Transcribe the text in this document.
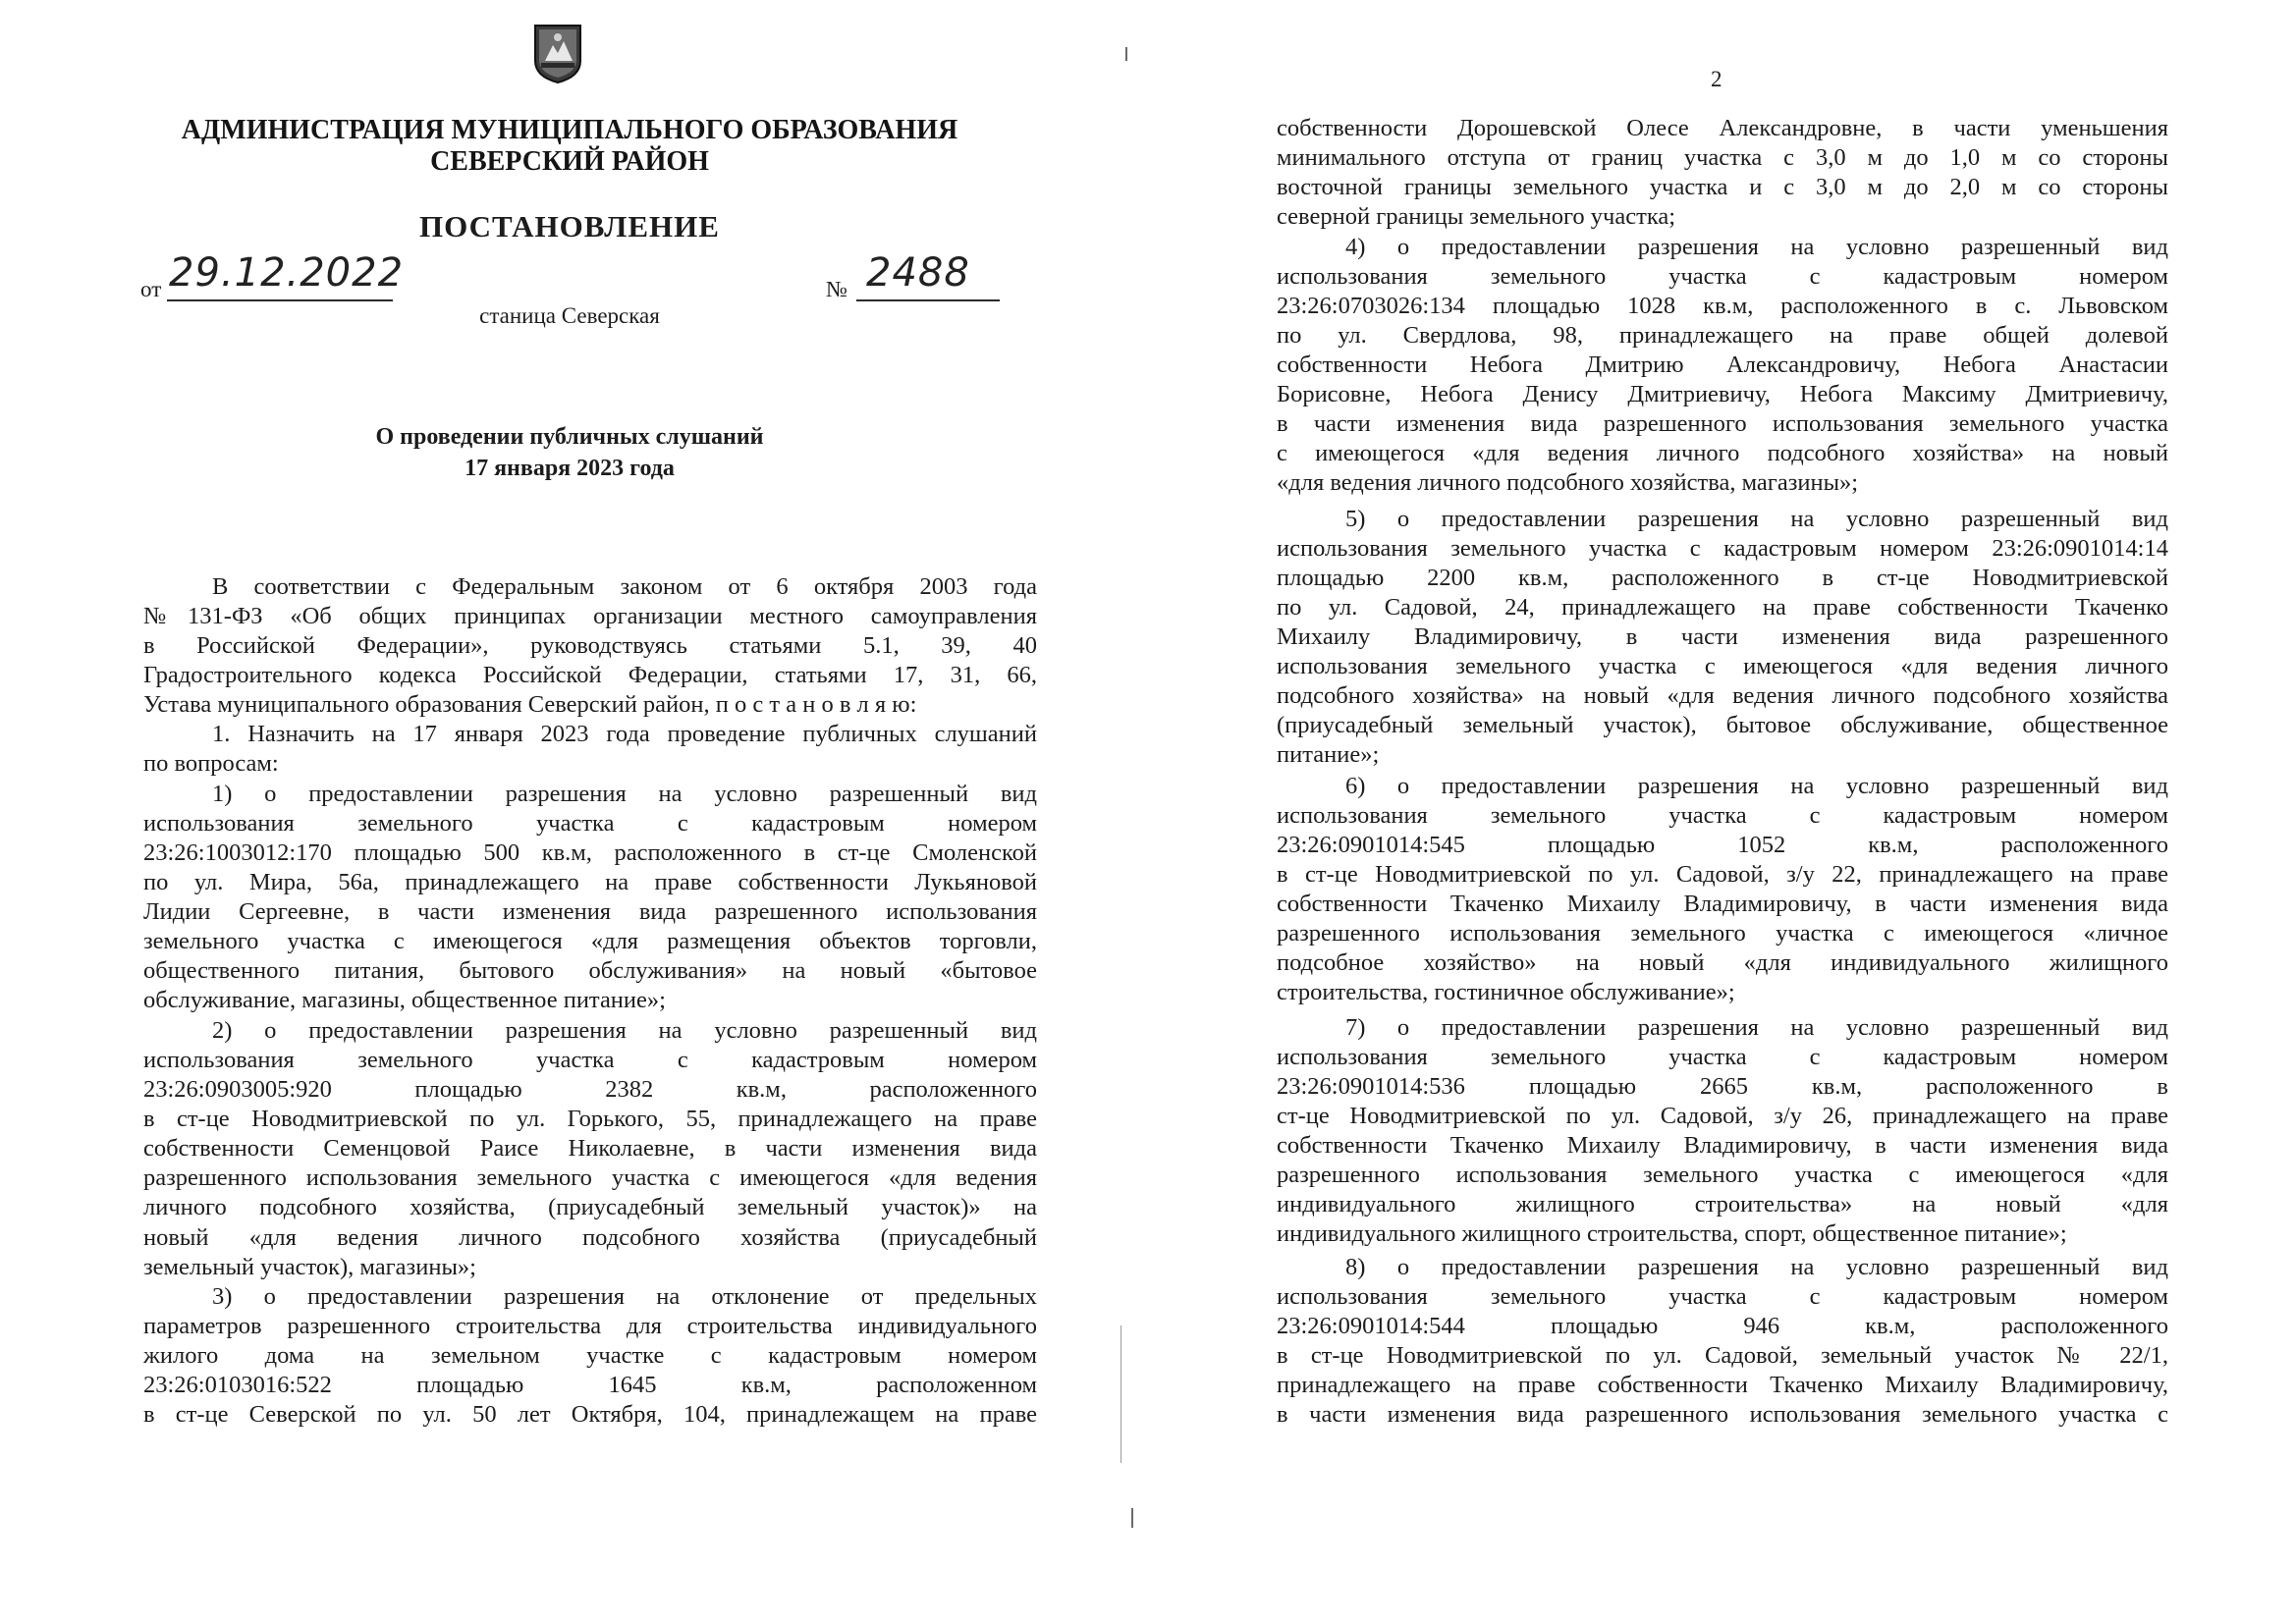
АДМИНИСТРАЦИЯ МУНИЦИПАЛЬНОГО ОБРАЗОВАНИЯ
СЕВЕРСКИЙ РАЙОН
ПОСТАНОВЛЕНИЕ
от 29.12.2022	№ 2488
станица Северская
О проведении публичных слушаний
17 января 2023 года
В соответствии с Федеральным законом от 6 октября 2003 года
№131-ФЗ «Об общих принципах организации местного самоуправления
в Российской Федерации», руководствуясь статьями 5.1, 39, 40
Градостроительного кодекса Российской Федерации, статьями 17, 31, 66,
Устава муниципального образования Северский район, п о с т а н о в л я ю:
1. Назначить на 17 января 2023 года проведение публичных слушаний
по вопросам:
1) о предоставлении разрешения на условно разрешенный вид
использования земельного участка с кадастровым номером
23:26:1003012:170 площадью 500 кв.м, расположенного в ст-це Смоленской
по ул. Мира, 56а, принадлежащего на праве собственности Лукьяновой
Лидии Сергеевне, в части изменения вида разрешенного использования
земельного участка с имеющегося «для размещения объектов торговли,
общественного питания, бытового обслуживания» на новый «бытовое
обслуживание, магазины, общественное питание»;
2) о предоставлении разрешения на условно разрешенный вид
использования земельного участка с кадастровым номером
23:26:0903005:920 площадью 2382 кв.м, расположенного
в ст-це Новодмитриевской по ул. Горького, 55, принадлежащего на праве
собственности Семенцовой Раисе Николаевне, в части изменения вида
разрешенного использования земельного участка с имеющегося «для ведения
личного подсобного хозяйства, (приусадебный земельный участок)» на
новый «для ведения личного подсобного хозяйства (приусадебный
земельный участок), магазины»;
3) о предоставлении разрешения на отклонение от предельных
параметров разрешенного строительства для строительства индивидуального
жилого дома на земельном участке с кадастровым номером
23:26:0103016:522 площадью 1645 кв.м, расположенном
в ст-це Северской по ул. 50 лет Октября, 104, принадлежащем на праве
2
собственности Дорошевской Олесе Александровне, в части уменьшения
минимального отступа от границ участка с 3,0 м до 1,0 м со стороны
восточной границы земельного участка и с 3,0 м до 2,0 м со стороны
северной границы земельного участка;
4) о предоставлении разрешения на условно разрешенный вид
использования земельного участка с кадастровым номером
23:26:0703026:134 площадью 1028 кв.м, расположенного в с. Львовском
по ул. Свердлова, 98, принадлежащего на праве общей долевой
собственности Небога Дмитрию Александровичу, Небога Анастасии
Борисовне, Небога Денису Дмитриевичу, Небога Максиму Дмитриевичу,
в части изменения вида разрешенного использования земельного участка
с имеющегося «для ведения личного подсобного хозяйства» на новый
«для ведения личного подсобного хозяйства, магазины»;
5) о предоставлении разрешения на условно разрешенный вид
использования земельного участка с кадастровым номером 23:26:0901014:14
площадью 2200 кв.м, расположенного в ст-це Новодмитриевской
по ул. Садовой, 24, принадлежащего на праве собственности Ткаченко
Михаилу Владимировичу, в части изменения вида разрешенного
использования земельного участка с имеющегося «для ведения личного
подсобного хозяйства» на новый «для ведения личного подсобного хозяйства
(приусадебный земельный участок), бытовое обслуживание, общественное
питание»;
6) о предоставлении разрешения на условно разрешенный вид
использования земельного участка с кадастровым номером
23:26:0901014:545 площадью 1052 кв.м, расположенного
в ст-це Новодмитриевской по ул. Садовой, з/у 22, принадлежащего на праве
собственности Ткаченко Михаилу Владимировичу, в части изменения вида
разрешенного использования земельного участка с имеющегося «личное
подсобное хозяйство» на новый «для индивидуального жилищного
строительства, гостиничное обслуживание»;
7) о предоставлении разрешения на условно разрешенный вид
использования земельного участка с кадастровым номером
23:26:0901014:536 площадью 2665 кв.м, расположенного в
ст-це Новодмитриевской по ул. Садовой, з/у 26, принадлежащего на праве
собственности Ткаченко Михаилу Владимировичу, в части изменения вида
разрешенного использования земельного участка с имеющегося «для
индивидуального жилищного строительства» на новый «для
индивидуального жилищного строительства, спорт, общественное питание»;
8) о предоставлении разрешения на условно разрешенный вид
использования земельного участка с кадастровым номером
23:26:0901014:544 площадью 946 кв.м, расположенного
в ст-це Новодмитриевской по ул. Садовой, земельный участок № 22/1,
принадлежащего на праве собственности Ткаченко Михаилу Владимировичу,
в части изменения вида разрешенного использования земельного участка с
